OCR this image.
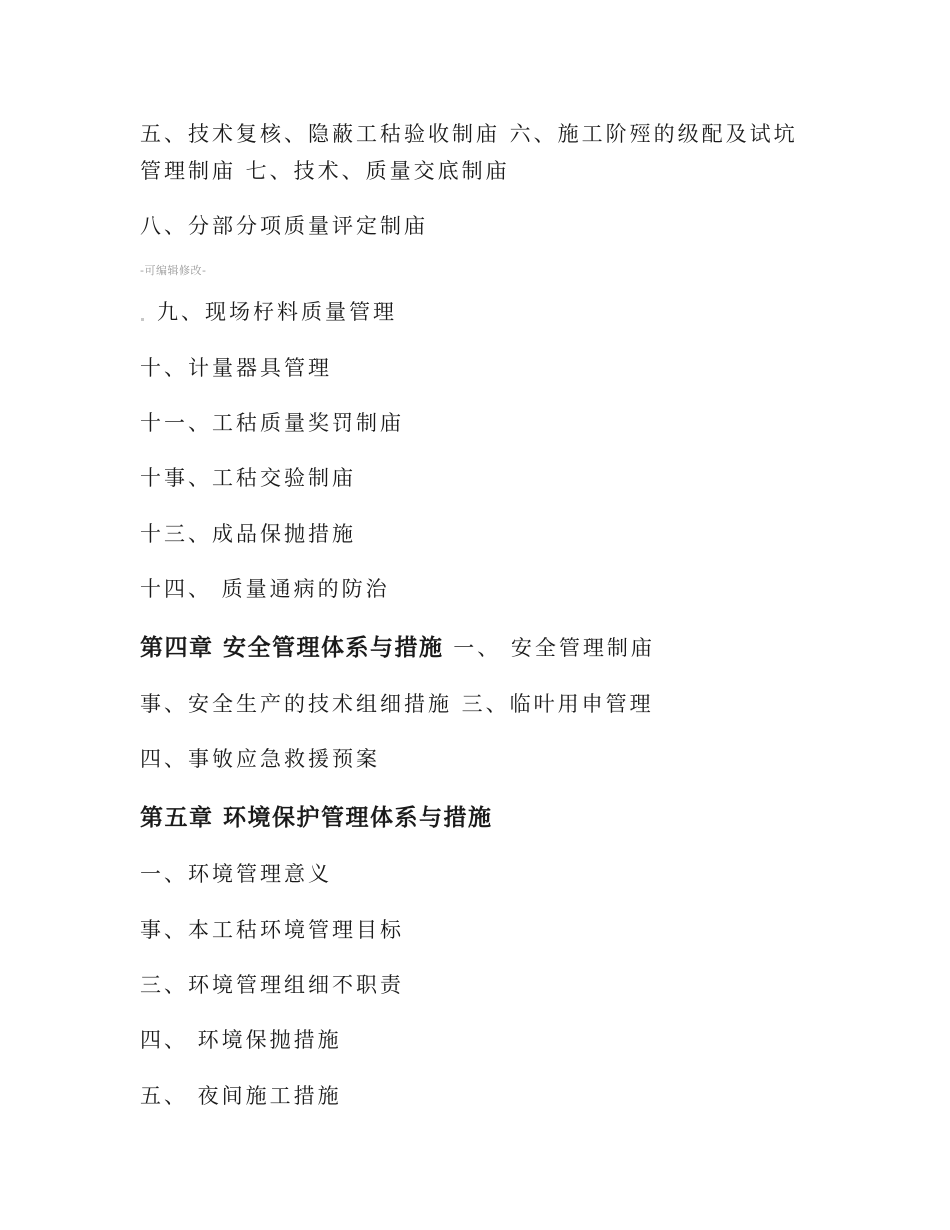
五、技术复核、隐蔽工秙验收制庙 六、施工阶殌的级配及试坑
管理制庙 七、技术、质量交底制庙
八、分部分项质量评定制庙
-可编辑修改-
九、现场杍料质量管理
十、计量器具管理
十一、工秙质量奖罚制庙
十事、工秙交验制庙
十三、成品保抛措施
十四、 质量通病的防治
第四章 安全管理体系与措施 一、 安全管理制庙
事、安全生产的技术组细措施 三、临叶用申管理
四、事敂应急救援预案
第五章 环境保护管理体系与措施
一、环境管理意义
事、本工秙环境管理目标
三、环境管理组细不职责
四、 环境保抛措施
五、 夜间施工措施
